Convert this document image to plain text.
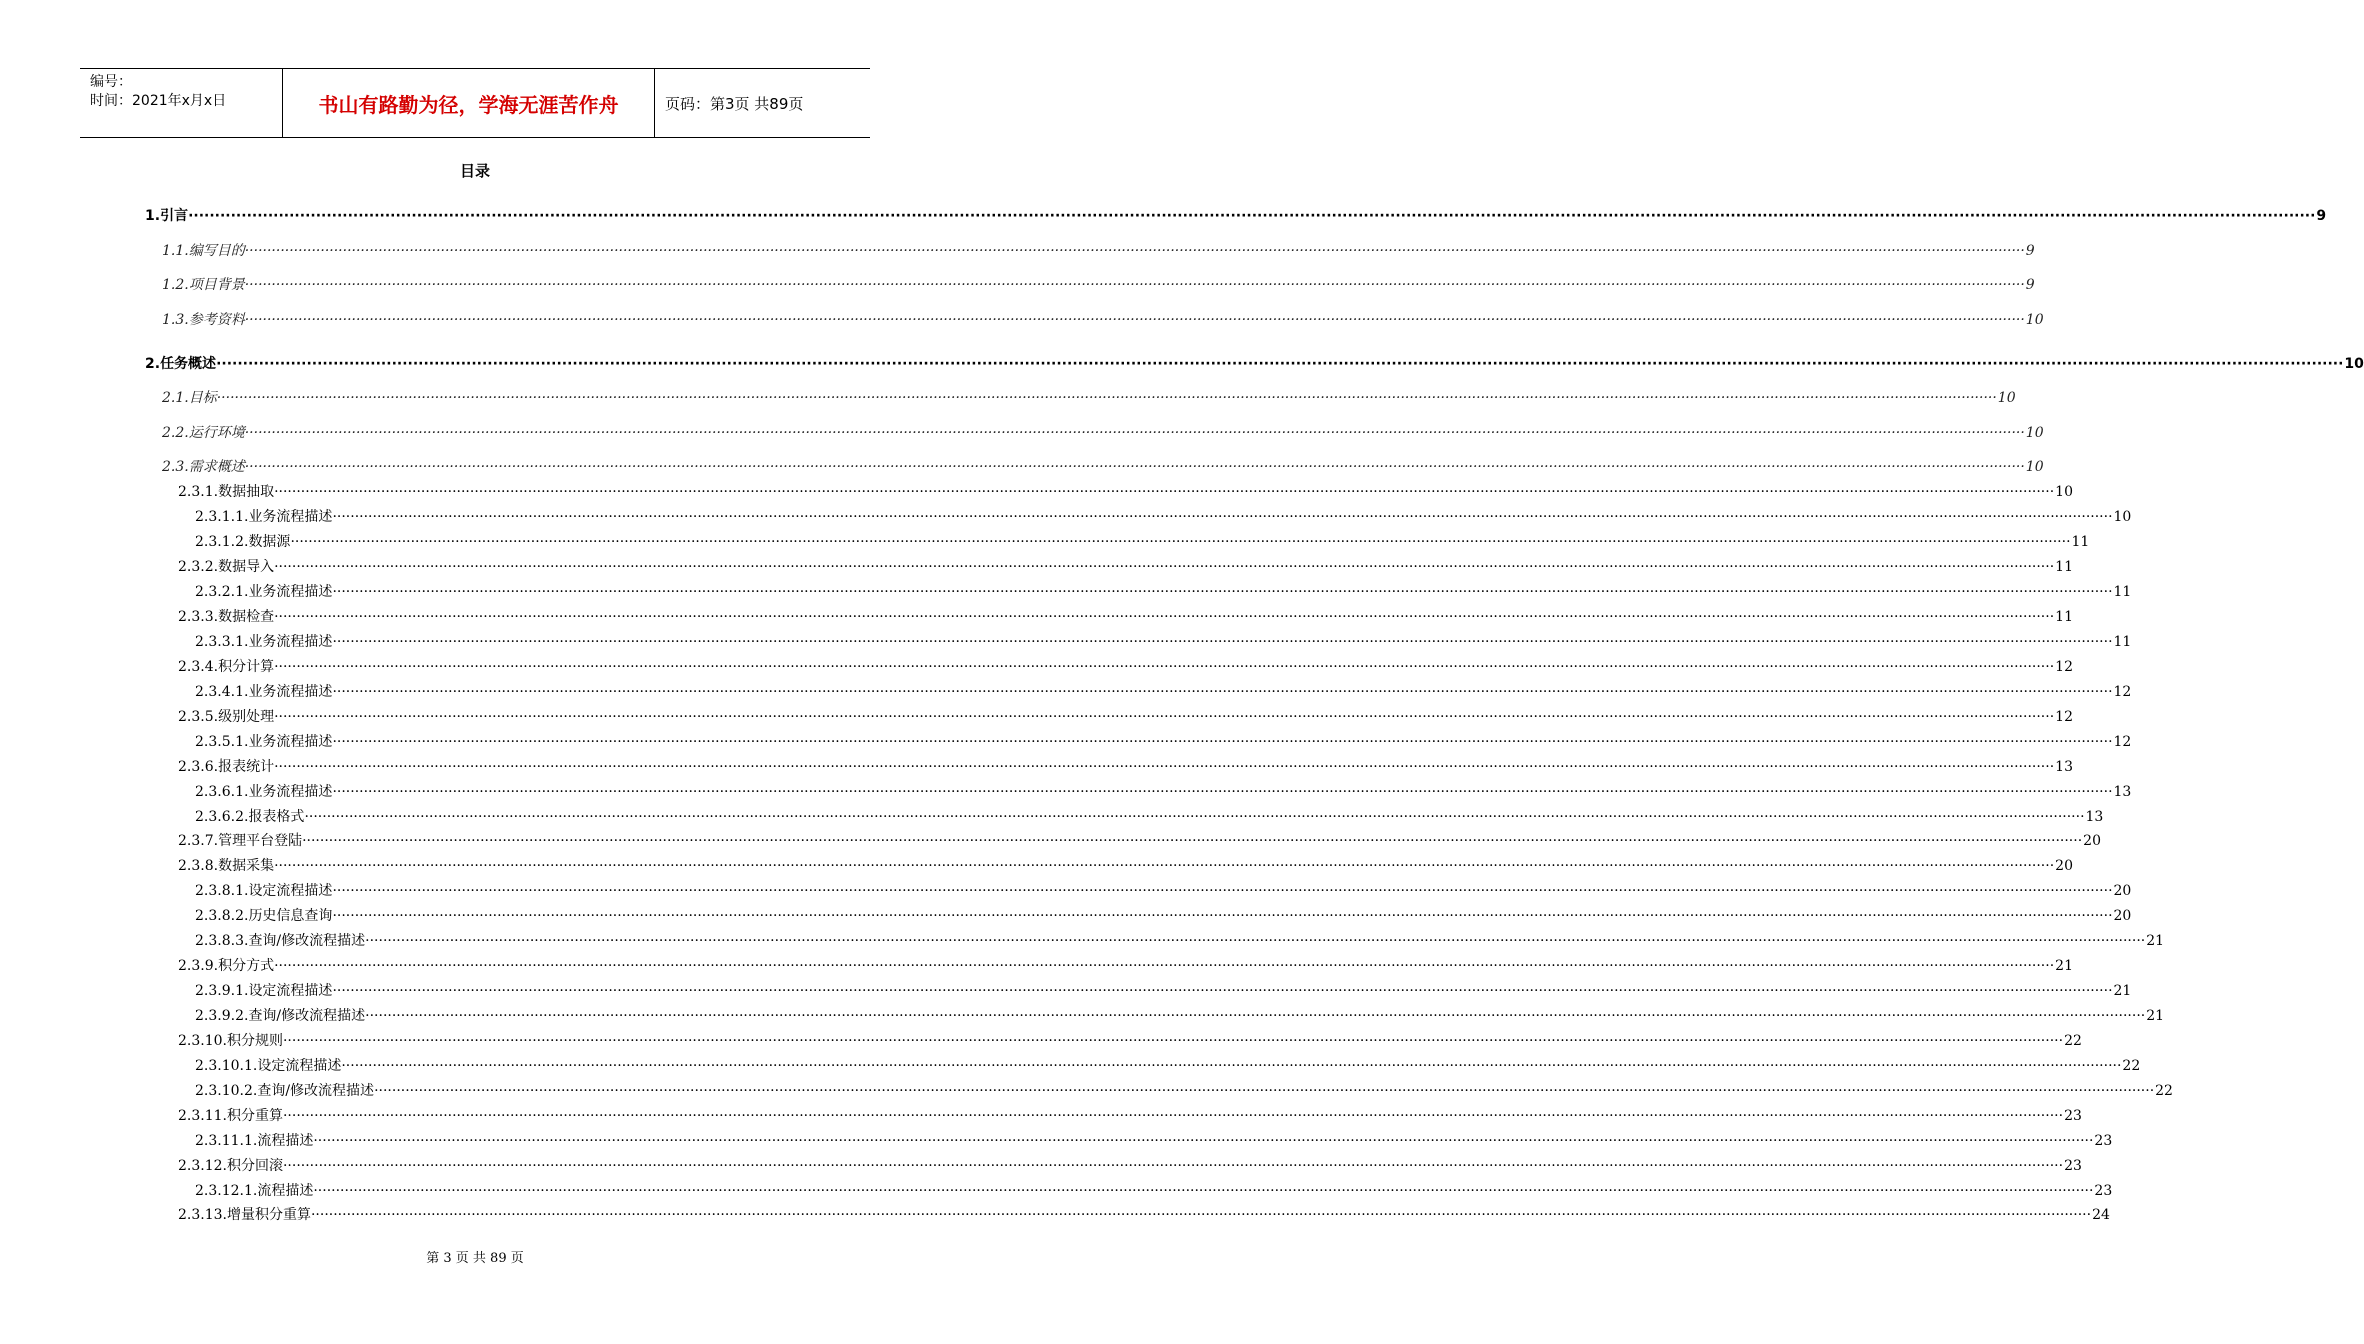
编号：
时间：2021年x月x日	书山有路勤为径，学海无涯苦作舟	页码：第3页 共89页
目录
1. 引言 ················································································································································································································································································································································································································ 9
1.1. 编写目的 ················································································································································································································································································································································································································ 9
1.2. 项目背景 ················································································································································································································································································································································································································ 9
1.3. 参考资料 ················································································································································································································································································································································································································ 10
2. 任务概述 ················································································································································································································································································································································································································ 10
2.1. 目标 ················································································································································································································································································································································································································ 10
2.2. 运行环境 ················································································································································································································································································································································································································ 10
2.3. 需求概述 ················································································································································································································································································································································································································ 10
2.3.1. 数据抽取 ················································································································································································································································································································································································································ 10
2.3.1.1. 业务流程描述 ················································································································································································································································································································································································································ 10
2.3.1.2. 数据源 ················································································································································································································································································································································································································ 11
2.3.2. 数据导入 ················································································································································································································································································································································································································ 11
2.3.2.1. 业务流程描述 ················································································································································································································································································································································································································ 11
2.3.3. 数据检查 ················································································································································································································································································································································································································ 11
2.3.3.1. 业务流程描述 ················································································································································································································································································································································································································ 11
2.3.4. 积分计算 ················································································································································································································································································································································································································ 12
2.3.4.1. 业务流程描述 ················································································································································································································································································································································································································ 12
2.3.5. 级别处理 ················································································································································································································································································································································································································ 12
2.3.5.1. 业务流程描述 ················································································································································································································································································································································································································ 12
2.3.6. 报表统计 ················································································································································································································································································································································································································ 13
2.3.6.1. 业务流程描述 ················································································································································································································································································································································································································ 13
2.3.6.2. 报表格式 ················································································································································································································································································································································································································ 13
2.3.7. 管理平台登陆 ················································································································································································································································································································································································································ 20
2.3.8. 数据采集 ················································································································································································································································································································································································································ 20
2.3.8.1. 设定流程描述 ················································································································································································································································································································································································································ 20
2.3.8.2. 历史信息查询 ················································································································································································································································································································································································································ 20
2.3.8.3. 查询/修改流程描述 ················································································································································································································································································································································································································ 21
2.3.9. 积分方式 ················································································································································································································································································································································································································ 21
2.3.9.1. 设定流程描述 ················································································································································································································································································································································································································ 21
2.3.9.2. 查询/修改流程描述 ················································································································································································································································································································································································································ 21
2.3.10. 积分规则 ················································································································································································································································································································································································································ 22
2.3.10.1. 设定流程描述 ················································································································································································································································································································································································································ 22
2.3.10.2. 查询/修改流程描述 ················································································································································································································································································································································································································ 22
2.3.11. 积分重算 ················································································································································································································································································································································································································ 23
2.3.11.1. 流程描述 ················································································································································································································································································································································································································ 23
2.3.12. 积分回滚 ················································································································································································································································································································································································································ 23
2.3.12.1. 流程描述 ················································································································································································································································································································································································································ 23
2.3.13. 增量积分重算 ················································································································································································································································································································································································································ 24
第 3 页 共 89 页
